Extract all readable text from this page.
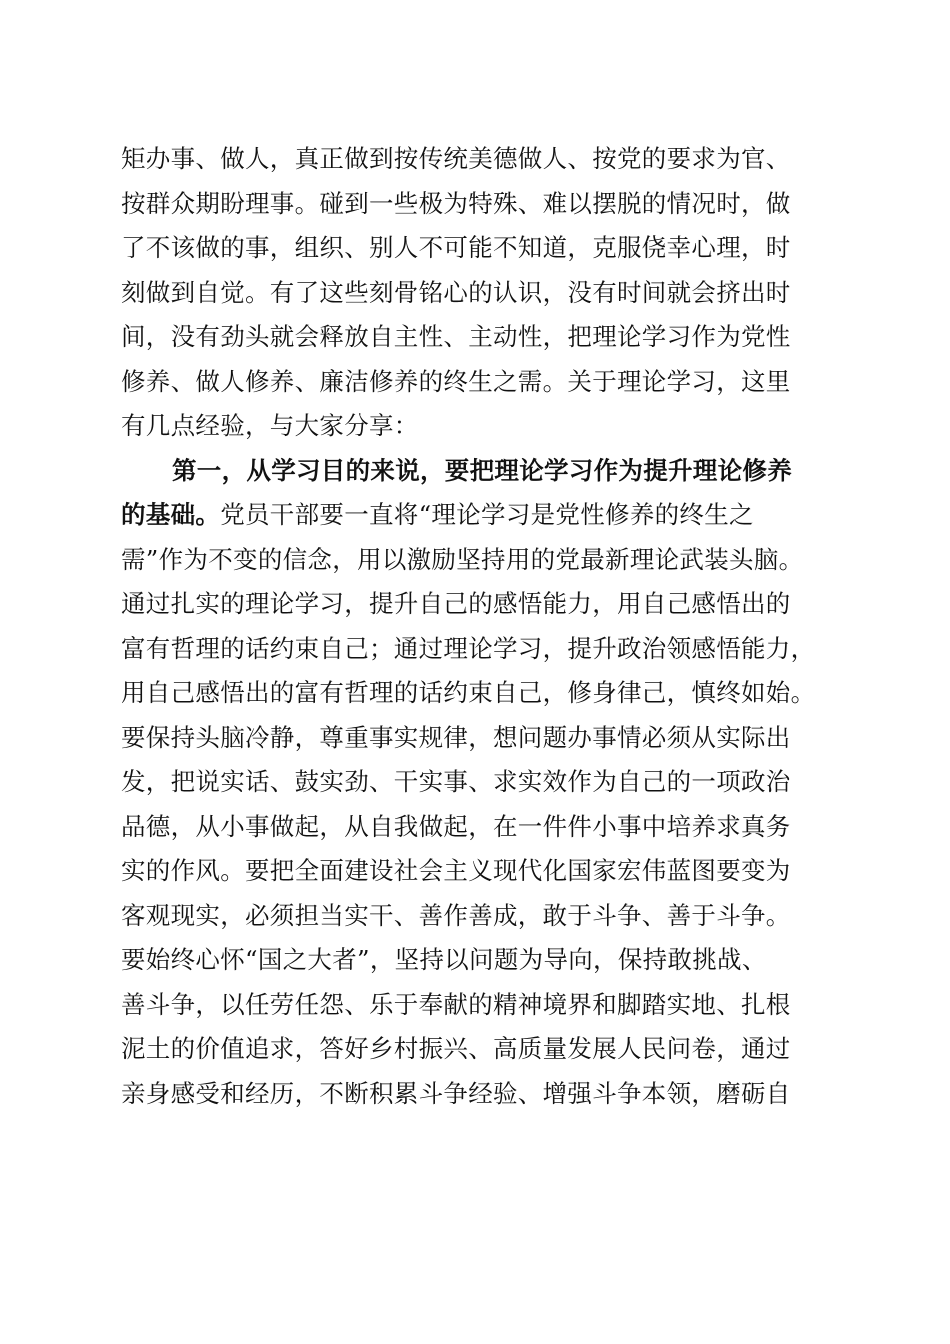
矩办事、做人，真正做到按传统美德做人、按党的要求为官、
按群众期盼理事。碰到一些极为特殊、难以摆脱的情况时，做
了不该做的事，组织、别人不可能不知道，克服侥幸心理，时
刻做到自觉。有了这些刻骨铭心的认识，没有时间就会挤出时
间，没有劲头就会释放自主性、主动性，把理论学习作为党性
修养、做人修养、廉洁修养的终生之需。关于理论学习，这里
有几点经验，与大家分享：
第一，从学习目的来说，要把理论学习作为提升理论修养
的基础。党员干部要一直将“理论学习是党性修养的终生之
需”作为不变的信念，用以激励坚持用的党最新理论武装头脑。
通过扎实的理论学习，提升自己的感悟能力，用自己感悟出的
富有哲理的话约束自己；通过理论学习，提升政治领感悟能力，
用自己感悟出的富有哲理的话约束自己，修身律己，慎终如始。
要保持头脑冷静，尊重事实规律，想问题办事情必须从实际出
发，把说实话、鼓实劲、干实事、求实效作为自己的一项政治
品德，从小事做起，从自我做起，在一件件小事中培养求真务
实的作风。要把全面建设社会主义现代化国家宏伟蓝图要变为
客观现实，必须担当实干、善作善成，敢于斗争、善于斗争。
要始终心怀“国之大者”，坚持以问题为导向，保持敢挑战、
善斗争，以任劳任怨、乐于奉献的精神境界和脚踏实地、扎根
泥土的价值追求，答好乡村振兴、高质量发展人民问卷，通过
亲身感受和经历，不断积累斗争经验、增强斗争本领，磨砺自
